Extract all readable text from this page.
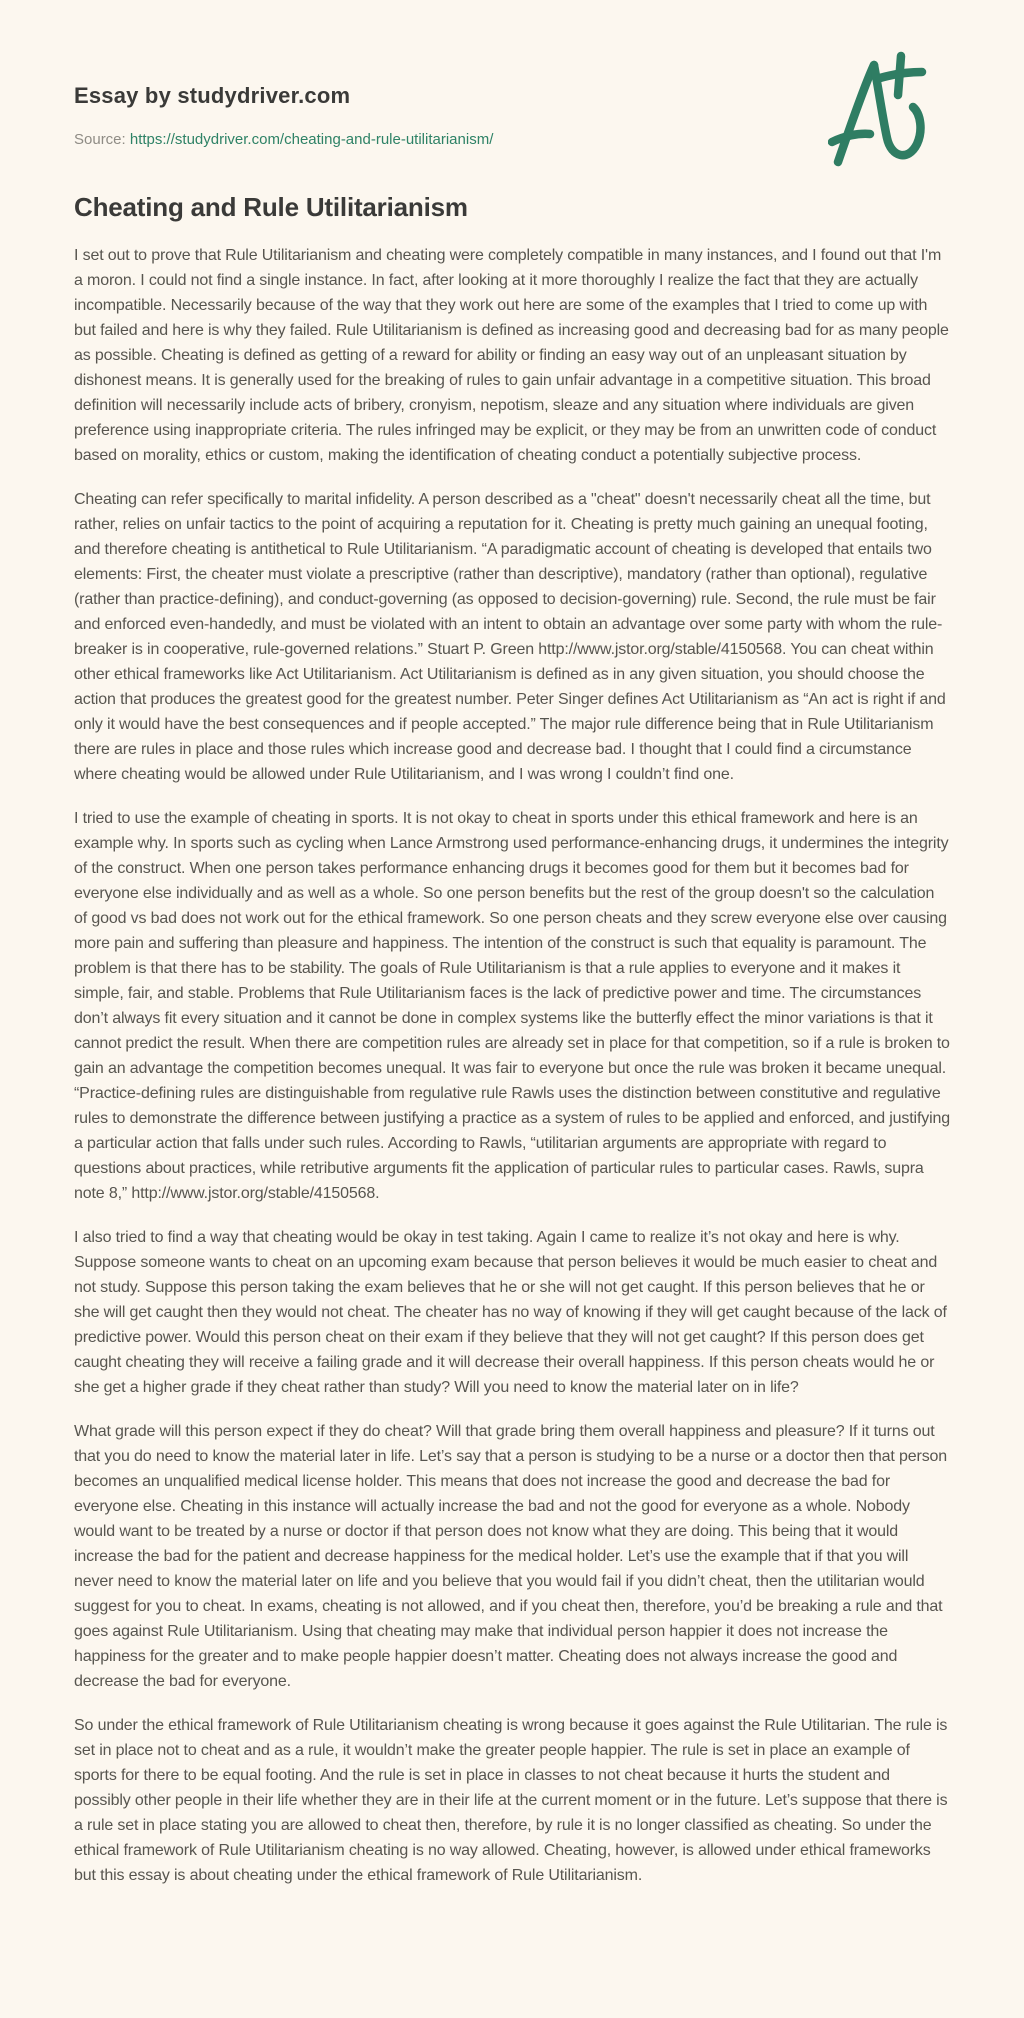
Essay by studydriver.com
Source: https://studydriver.com/cheating-and-rule-utilitarianism/
Cheating and Rule Utilitarianism

I set out to prove that Rule Utilitarianism and cheating were completely compatible in many instances, and I found out that I'm a moron. I could not find a single instance. In fact, after looking at it more thoroughly I realize the fact that they are actually incompatible. Necessarily because of the way that they work out here are some of the examples that I tried to come up with but failed and here is why they failed. Rule Utilitarianism is defined as increasing good and decreasing bad for as many people as possible. Cheating is defined as getting of a reward for ability or finding an easy way out of an unpleasant situation by dishonest means. It is generally used for the breaking of rules to gain unfair advantage in a competitive situation. This broad definition will necessarily include acts of bribery, cronyism, nepotism, sleaze and any situation where individuals are given preference using inappropriate criteria. The rules infringed may be explicit, or they may be from an unwritten code of conduct based on morality, ethics or custom, making the identification of cheating conduct a potentially subjective process.

Cheating can refer specifically to marital infidelity. A person described as a "cheat" doesn't necessarily cheat all the time, but rather, relies on unfair tactics to the point of acquiring a reputation for it. Cheating is pretty much gaining an unequal footing, and therefore cheating is antithetical to Rule Utilitarianism. “A paradigmatic account of cheating is developed that entails two elements: First, the cheater must violate a prescriptive (rather than descriptive), mandatory (rather than optional), regulative (rather than practice-defining), and conduct-governing (as opposed to decision-governing) rule. Second, the rule must be fair and enforced even-handedly, and must be violated with an intent to obtain an advantage over some party with whom the rule-breaker is in cooperative, rule-governed relations.” Stuart P. Green http://www.jstor.org/stable/4150568. You can cheat within other ethical frameworks like Act Utilitarianism. Act Utilitarianism is defined as in any given situation, you should choose the action that produces the greatest good for the greatest number. Peter Singer defines Act Utilitarianism as “An act is right if and only it would have the best consequences and if people accepted.” The major rule difference being that in Rule Utilitarianism there are rules in place and those rules which increase good and decrease bad. I thought that I could find a circumstance where cheating would be allowed under Rule Utilitarianism, and I was wrong I couldn’t find one.

I tried to use the example of cheating in sports. It is not okay to cheat in sports under this ethical framework and here is an example why. In sports such as cycling when Lance Armstrong used performance-enhancing drugs, it undermines the integrity of the construct. When one person takes performance enhancing drugs it becomes good for them but it becomes bad for everyone else individually and as well as a whole. So one person benefits but the rest of the group doesn't so the calculation of good vs bad does not work out for the ethical framework. So one person cheats and they screw everyone else over causing more pain and suffering than pleasure and happiness. The intention of the construct is such that equality is paramount. The problem is that there has to be stability. The goals of Rule Utilitarianism is that a rule applies to everyone and it makes it simple, fair, and stable. Problems that Rule Utilitarianism faces is the lack of predictive power and time. The circumstances don’t always fit every situation and it cannot be done in complex systems like the butterfly effect the minor variations is that it cannot predict the result. When there are competition rules are already set in place for that competition, so if a rule is broken to gain an advantage the competition becomes unequal. It was fair to everyone but once the rule was broken it became unequal. “Practice-defining rules are distinguishable from regulative rule Rawls uses the distinction between constitutive and regulative rules to demonstrate the difference between justifying a practice as a system of rules to be applied and enforced, and justifying a particular action that falls under such rules. According to Rawls, “utilitarian arguments are appropriate with regard to questions about practices, while retributive arguments fit the application of particular rules to particular cases. Rawls, supra note 8,” http://www.jstor.org/stable/4150568.

I also tried to find a way that cheating would be okay in test taking. Again I came to realize it’s not okay and here is why. Suppose someone wants to cheat on an upcoming exam because that person believes it would be much easier to cheat and not study. Suppose this person taking the exam believes that he or she will not get caught. If this person believes that he or she will get caught then they would not cheat. The cheater has no way of knowing if they will get caught because of the lack of predictive power. Would this person cheat on their exam if they believe that they will not get caught? If this person does get caught cheating they will receive a failing grade and it will decrease their overall happiness. If this person cheats would he or she get a higher grade if they cheat rather than study? Will you need to know the material later on in life?

What grade will this person expect if they do cheat? Will that grade bring them overall happiness and pleasure? If it turns out that you do need to know the material later in life. Let’s say that a person is studying to be a nurse or a doctor then that person becomes an unqualified medical license holder. This means that does not increase the good and decrease the bad for everyone else. Cheating in this instance will actually increase the bad and not the good for everyone as a whole. Nobody would want to be treated by a nurse or doctor if that person does not know what they are doing. This being that it would increase the bad for the patient and decrease happiness for the medical holder. Let’s use the example that if that you will never need to know the material later on life and you believe that you would fail if you didn’t cheat, then the utilitarian would suggest for you to cheat. In exams, cheating is not allowed, and if you cheat then, therefore, you’d be breaking a rule and that goes against Rule Utilitarianism. Using that cheating may make that individual person happier it does not increase the happiness for the greater and to make people happier doesn’t matter. Cheating does not always increase the good and decrease the bad for everyone.

So under the ethical framework of Rule Utilitarianism cheating is wrong because it goes against the Rule Utilitarian. The rule is set in place not to cheat and as a rule, it wouldn’t make the greater people happier. The rule is set in place an example of sports for there to be equal footing. And the rule is set in place in classes to not cheat because it hurts the student and possibly other people in their life whether they are in their life at the current moment or in the future. Let’s suppose that there is a rule set in place stating you are allowed to cheat then, therefore, by rule it is no longer classified as cheating. So under the ethical framework of Rule Utilitarianism cheating is no way allowed. Cheating, however, is allowed under ethical frameworks but this essay is about cheating under the ethical framework of Rule Utilitarianism.
